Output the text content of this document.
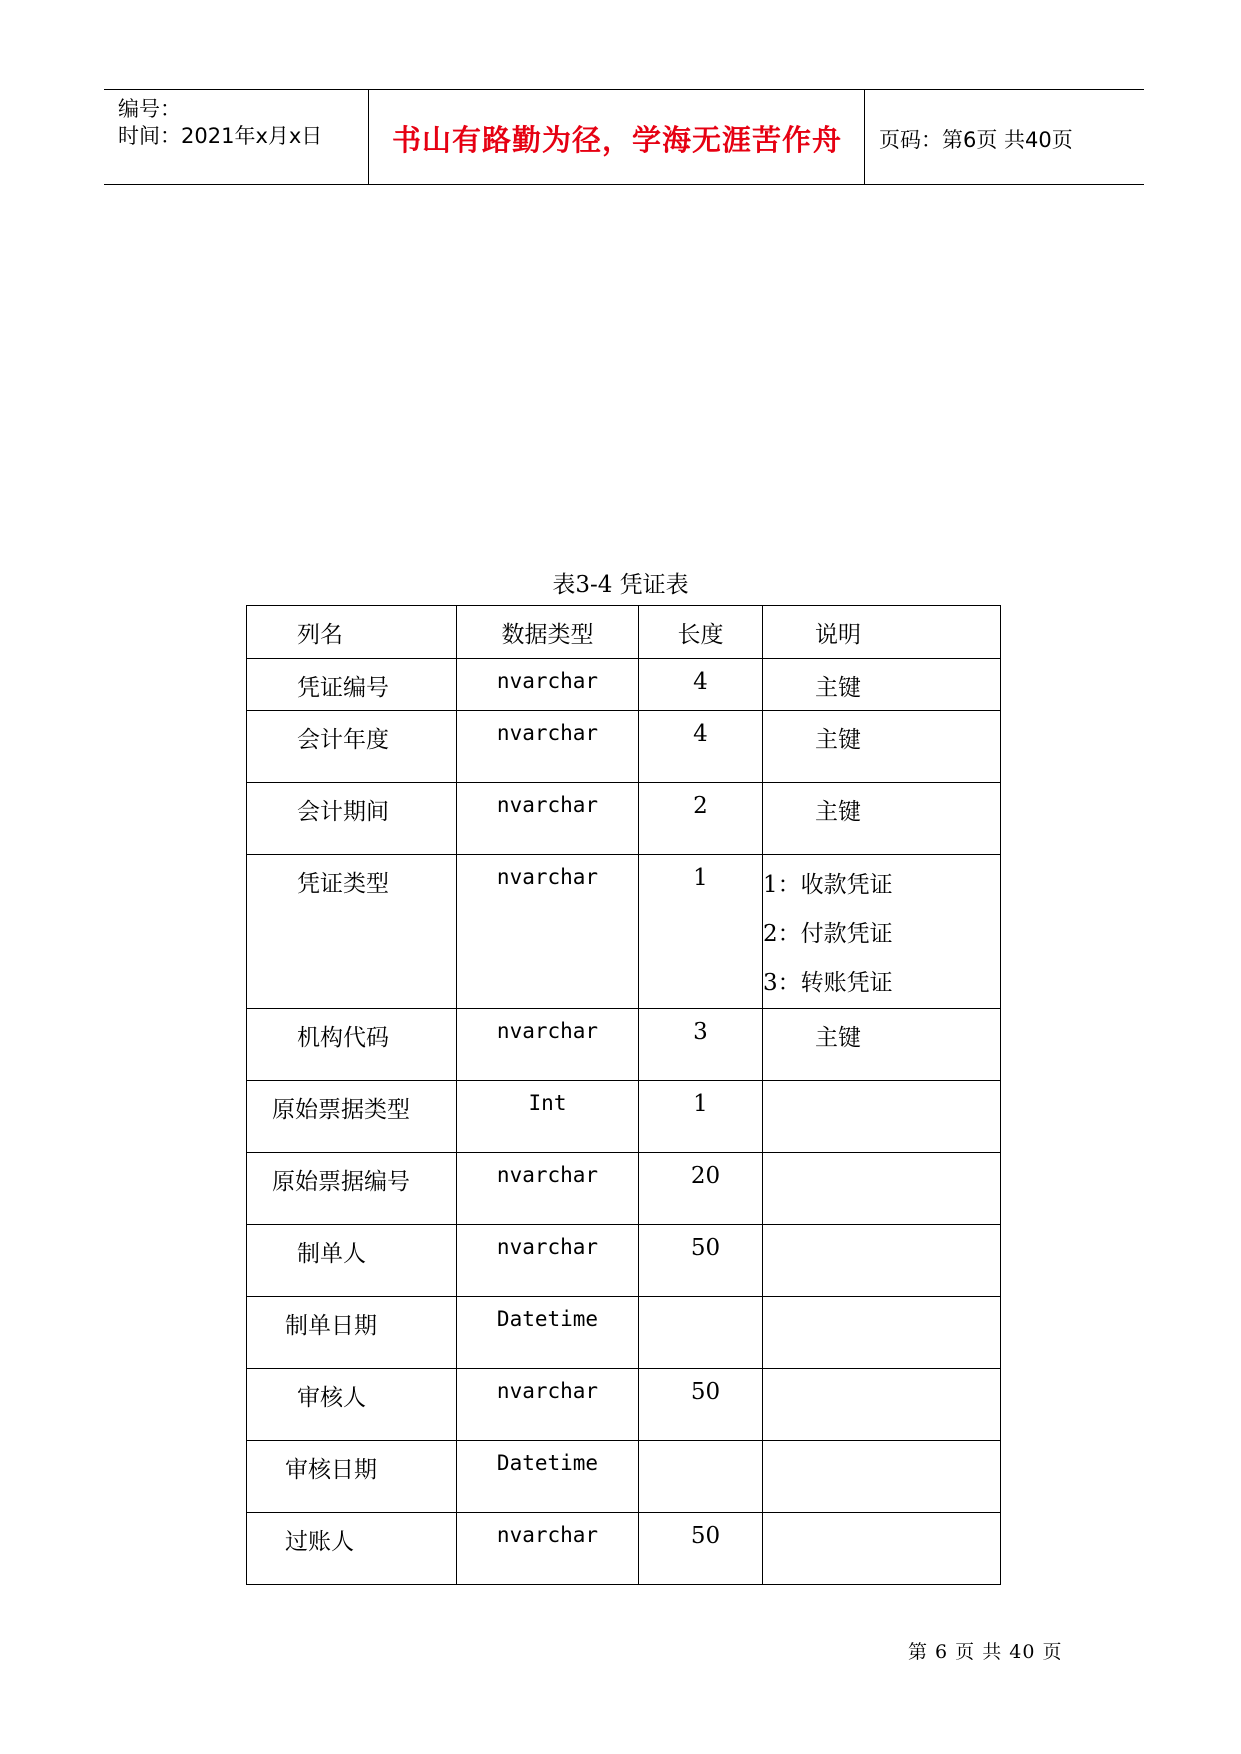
编号：
时间：2021年x月x日	书山有路勤为径，学海无涯苦作舟	页码：第6页 共40页
表3-4 凭证表
列名	数据类型	长度	说明

凭证编号	nvarchar	4	主键

会计年度	nvarchar	4	主键

会计期间	nvarchar	2	主键

凭证类型	nvarchar	1	1：收款凭证
2：付款凭证
3：转账凭证

机构代码	nvarchar	3	主键

原始票据类型	Int	1	

原始票据编号	nvarchar	20	

制单人	nvarchar	50	

制单日期	Datetime		

审核人	nvarchar	50	

审核日期	Datetime		

过账人	nvarchar	50	

第 6 页 共 40 页
